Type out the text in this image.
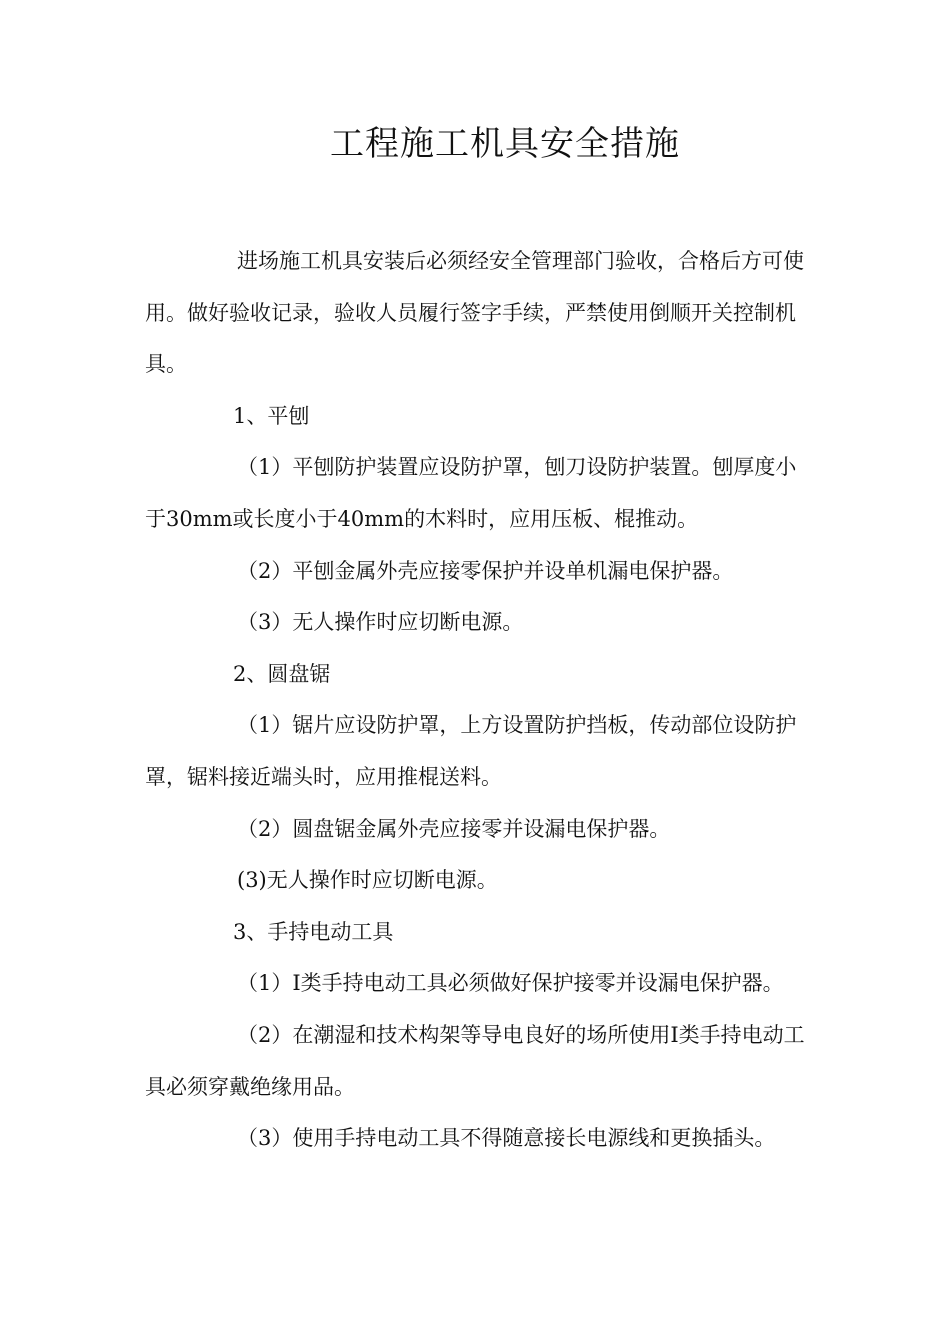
工程施工机具安全措施

进场施工机具安装后必须经安全管理部门验收，合格后方可使用。做好验收记录，验收人员履行签字手续，严禁使用倒顺开关控制机具。

1、平刨

（1）平刨防护装置应设防护罩，刨刀设防护装置。刨厚度小于30mm或长度小于40mm的木料时，应用压板、棍推动。

（2）平刨金属外壳应接零保护并设单机漏电保护器。

（3）无人操作时应切断电源。

2、圆盘锯

（1）锯片应设防护罩，上方设置防护挡板，传动部位设防护罩，锯料接近端头时，应用推棍送料。

（2）圆盘锯金属外壳应接零并设漏电保护器。

(3)无人操作时应切断电源。

3、手持电动工具

（1）I类手持电动工具必须做好保护接零并设漏电保护器。

（2）在潮湿和技术构架等导电良好的场所使用I类手持电动工具必须穿戴绝缘用品。

（3）使用手持电动工具不得随意接长电源线和更换插头。
